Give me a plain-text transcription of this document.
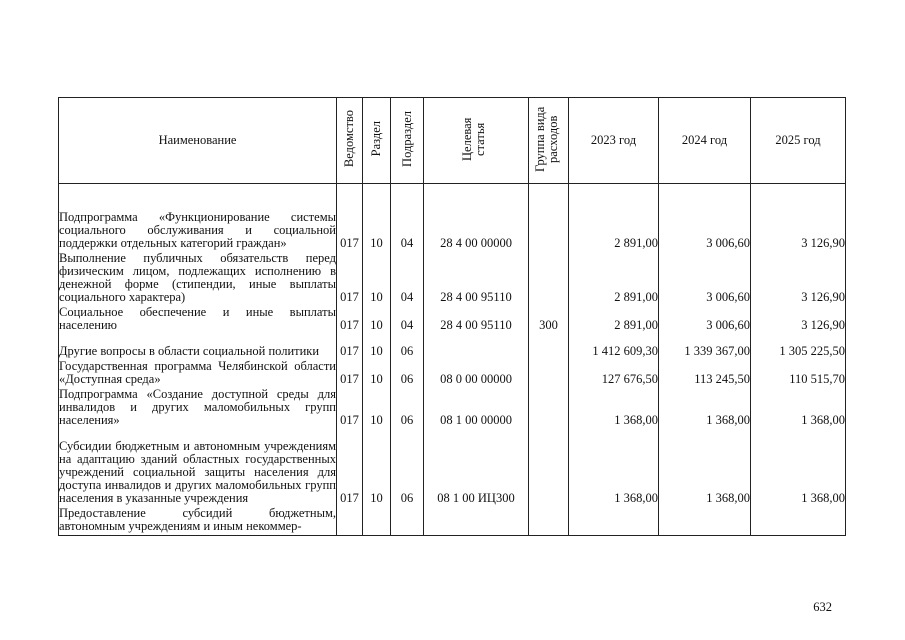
Наименование	Ведомство	Раздел	Подраздел	Целевая статья	Группа вида расходов	2023 год	2024 год	2025 год
Подпрограмма «Функционирование системы социального обслуживания и социальной поддержки отдельных категорий граждан»	017	10	04	28 4 00 00000		2 891,00	3 006,60	3 126,90
Выполнение публичных обязательств перед физическим лицом, подлежащих исполнению в денежной форме (стипендии, иные выплаты социального характера)	017	10	04	28 4 00 95110		2 891,00	3 006,60	3 126,90
Социальное обеспечение и иные выплаты населению	017	10	04	28 4 00 95110	300	2 891,00	3 006,60	3 126,90
Другие вопросы в области социальной политики	017	10	06			1 412 609,30	1 339 367,00	1 305 225,50
Государственная программа Челябинской области «Доступная среда»	017	10	06	08 0 00 00000		127 676,50	113 245,50	110 515,70
Подпрограмма «Создание доступной среды для инвалидов и других маломобильных групп населения»	017	10	06	08 1 00 00000		1 368,00	1 368,00	1 368,00
Субсидии бюджетным и автономным учреждениям на адаптацию зданий областных государственных учреждений социальной защиты населения для доступа инвалидов и других маломобильных групп населения в указанные учреждения	017	10	06	08 1 00 ИЦ300		1 368,00	1 368,00	1 368,00
Предоставление субсидий бюджетным, автономным учреждениям и иным некоммер-								
632
